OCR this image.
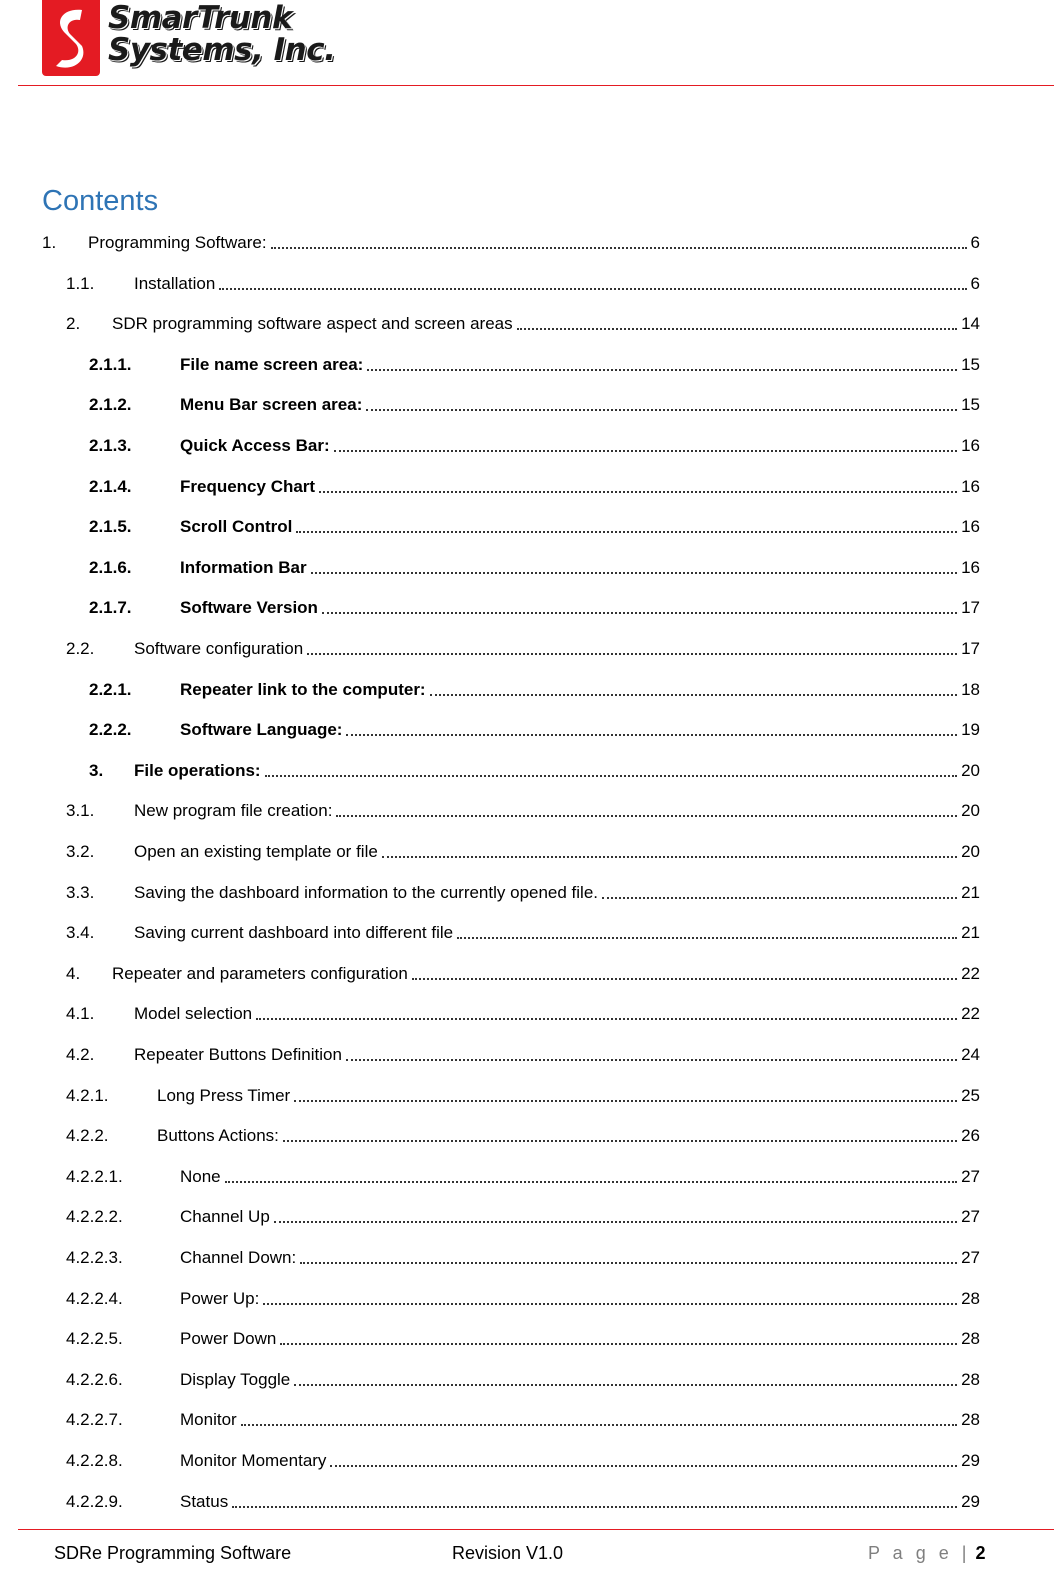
SmarTrunk
Systems, Inc.
Contents
1. Programming Software:	6
1.1. Installation	6
2. SDR programming software aspect and screen areas	14
2.1.1.	File name screen area:	15
2.1.2.	Menu Bar screen area:	15
2.1.3.	Quick Access Bar:	16
2.1.4.	Frequency Chart	16
2.1.5.	Scroll Control	16
2.1.6.	Information Bar	16
2.1.7.	Software Version	17
2.2. Software configuration	17
2.2.1.	Repeater link to the computer:	18
2.2.2.	Software Language:	19
3. File operations:	20
3.1. New program file creation:	20
3.2. Open an existing template or file	20
3.3. Saving the dashboard information to the currently opened file.	21
3.4. Saving current dashboard into different file	21
4. Repeater and parameters configuration	22
4.1. Model selection	22
4.2. Repeater Buttons Definition	24
4.2.1.	Long Press Timer	25
4.2.2.	Buttons Actions:	26
4.2.2.1.	None	27
4.2.2.2.	Channel Up	27
4.2.2.3.	Channel Down:	27
4.2.2.4.	Power Up:	28
4.2.2.5.	Power Down	28
4.2.2.6.	Display Toggle	28
4.2.2.7.	Monitor	28
4.2.2.8.	Monitor Momentary	29
4.2.2.9.	Status	29
SDRe Programming Software	Revision V1.0	P a g e | 2
